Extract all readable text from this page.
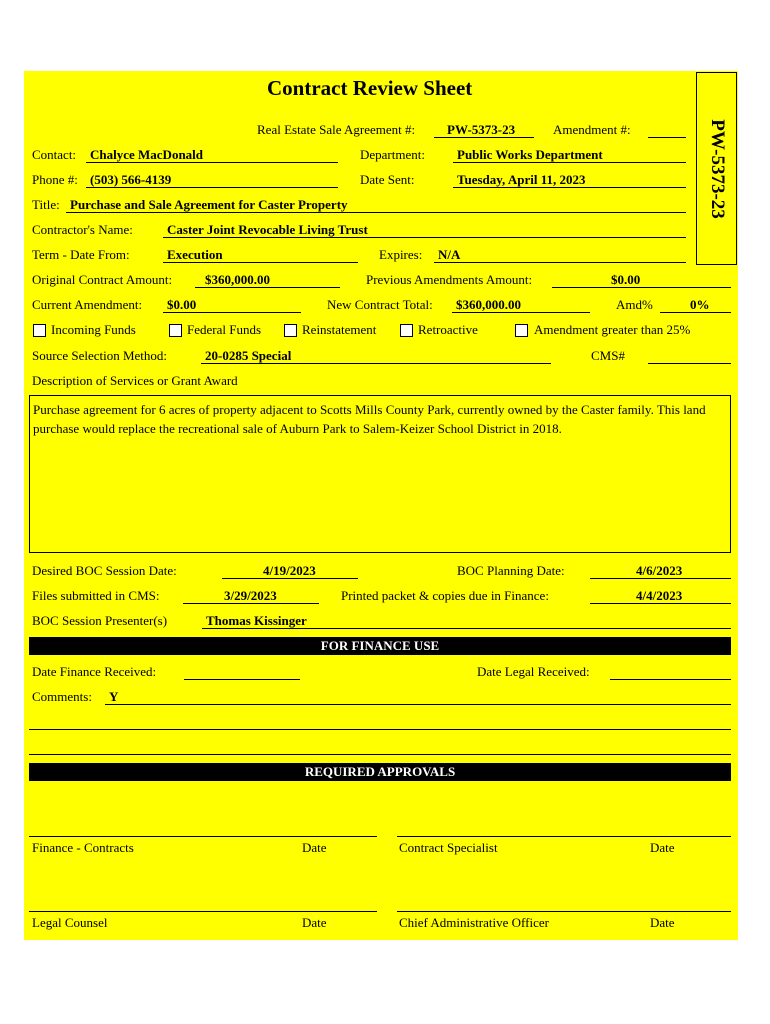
Contract Review Sheet
PW-5373-23
Real Estate Sale Agreement #: PW-5373-23	Amendment #:
Contact: Chalyce MacDonald	Department: Public Works Department
Phone #: (503) 566-4139	Date Sent:	Tuesday, April 11, 2023
Title: Purchase and Sale Agreement for Caster Property
Contractor's Name:	Caster Joint Revocable Living Trust
Term - Date From:	Execution	Expires: N/A
Original Contract Amount:	$360,000.00	Previous Amendments Amount:	$0.00
Current Amendment: $0.00	New Contract Total: $360,000.00	Amd%	0%
Incoming Funds	Federal Funds	Reinstatement	Retroactive	Amendment greater than 25%
Source Selection Method:	20-0285 Special	CMS#
Description of Services or Grant Award
Purchase agreement for 6 acres of property adjacent to Scotts Mills County Park, currently owned by the Caster family. This land purchase would replace the recreational sale of Auburn Park to Salem-Keizer School District in 2018.
Desired BOC Session Date:	4/19/2023	BOC Planning Date:	4/6/2023
Files submitted in CMS:	3/29/2023	Printed packet & copies due in Finance:	4/4/2023
BOC Session Presenter(s)	Thomas Kissinger
FOR FINANCE USE
Date Finance Received:	Date Legal Received:
Comments: Y
REQUIRED APPROVALS
Finance - Contracts	Date	Contract Specialist	Date
Legal Counsel	Date	Chief Administrative Officer	Date
